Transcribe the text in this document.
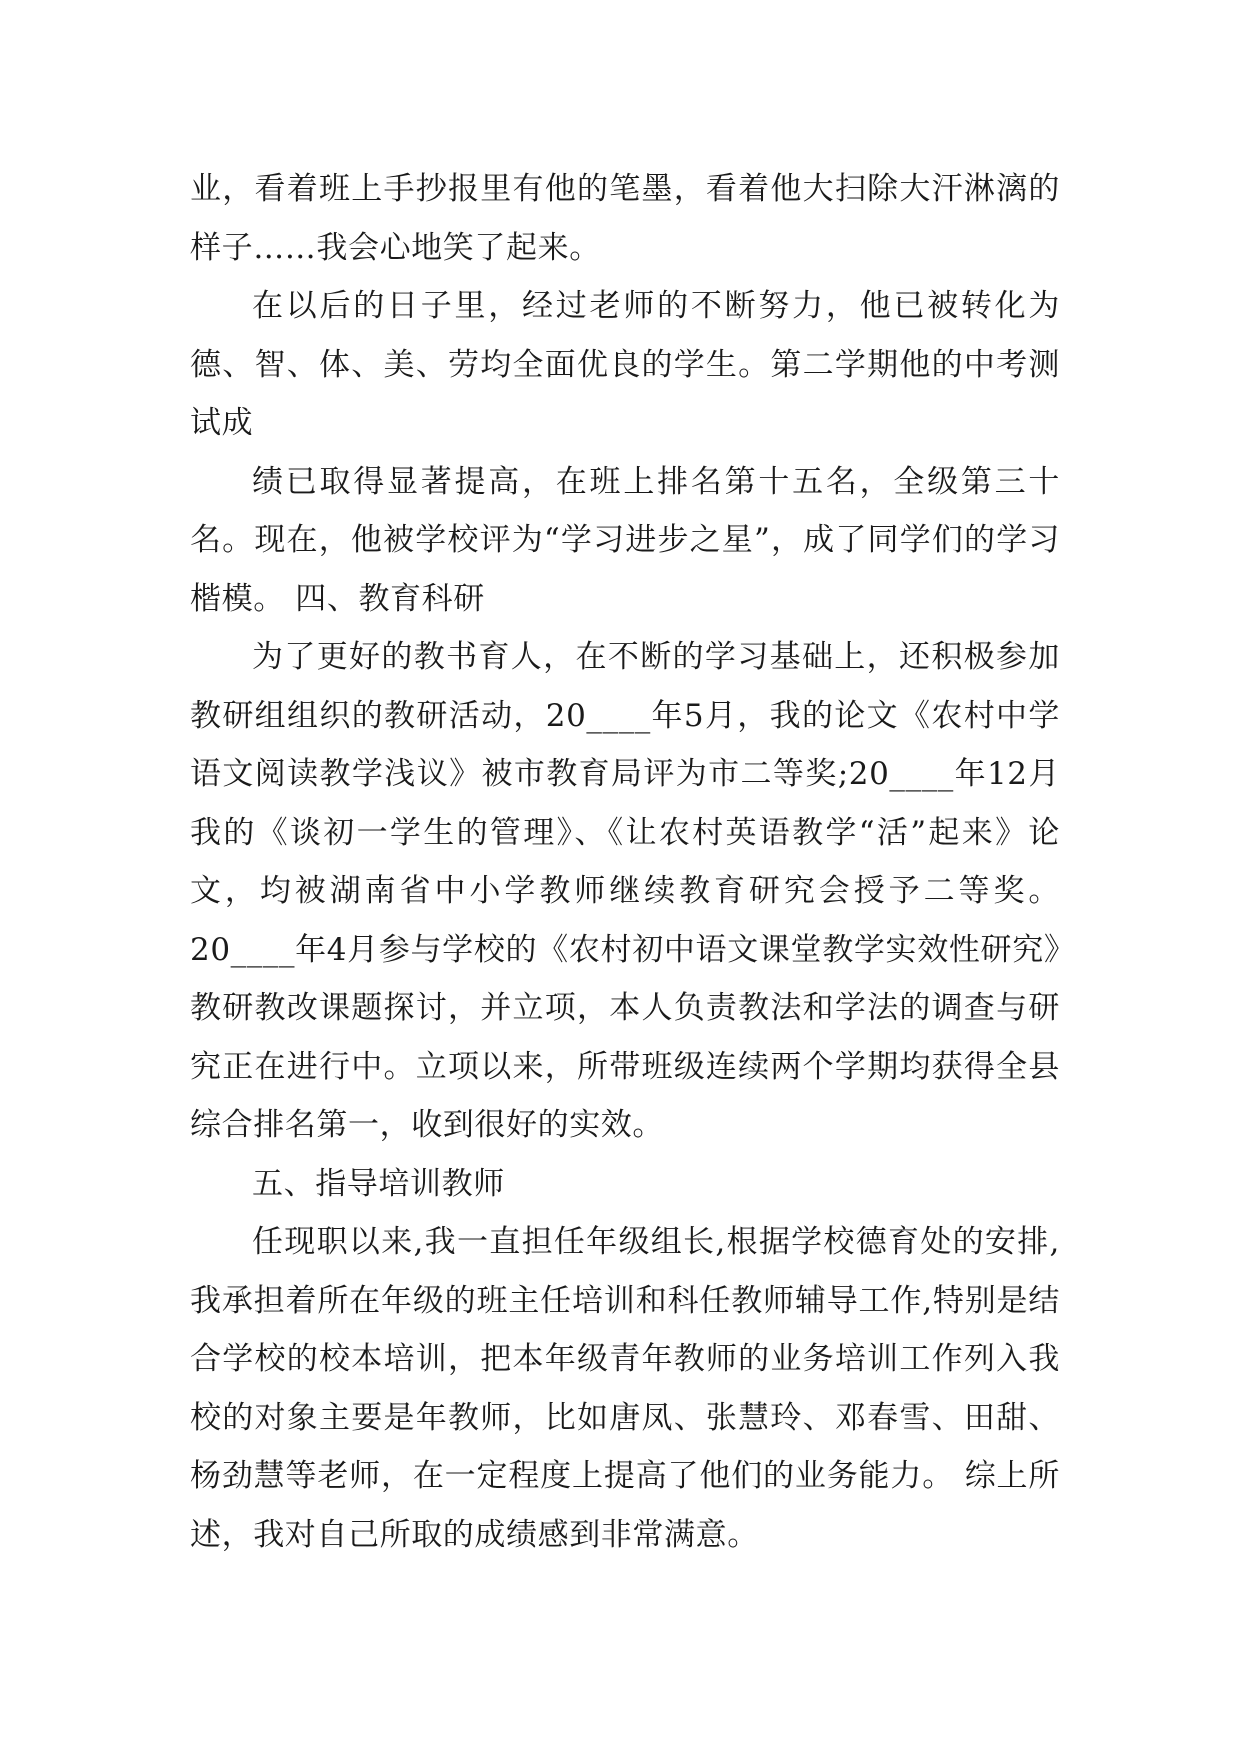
业，看着班上手抄报里有他的笔墨，看着他大扫除大汗淋漓的样子……我会心地笑了起来。

在以后的日子里，经过老师的不断努力，他已被转化为德、智、体、美、劳均全面优良的学生。第二学期他的中考测试成

绩已取得显著提高，在班上排名第十五名，全级第三十名。现在，他被学校评为“学习进步之星”，成了同学们的学习楷模。 四、教育科研

为了更好的教书育人，在不断的学习基础上，还积极参加教研组组织的教研活动，20____年5月，我的论文《农村中学语文阅读教学浅议》被市教育局评为市二等奖;20____年12月我的《谈初一学生的管理》、《让农村英语教学“活”起来》论文，均被湖南省中小学教师继续教育研究会授予二等奖。20____年4月参与学校的《农村初中语文课堂教学实效性研究》教研教改课题探讨，并立项，本人负责教法和学法的调查与研究正在进行中。立项以来，所带班级连续两个学期均获得全县综合排名第一，收到很好的实效。

五、指导培训教师

任现职以来,我一直担任年级组长,根据学校德育处的安排,我承担着所在年级的班主任培训和科任教师辅导工作,特别是结合学校的校本培训，把本年级青年教师的业务培训工作列入我校的对象主要是年教师，比如唐凤、张慧玲、邓春雪、田甜、杨劲慧等老师，在一定程度上提高了他们的业务能力。 综上所述，我对自己所取的成绩感到非常满意。
